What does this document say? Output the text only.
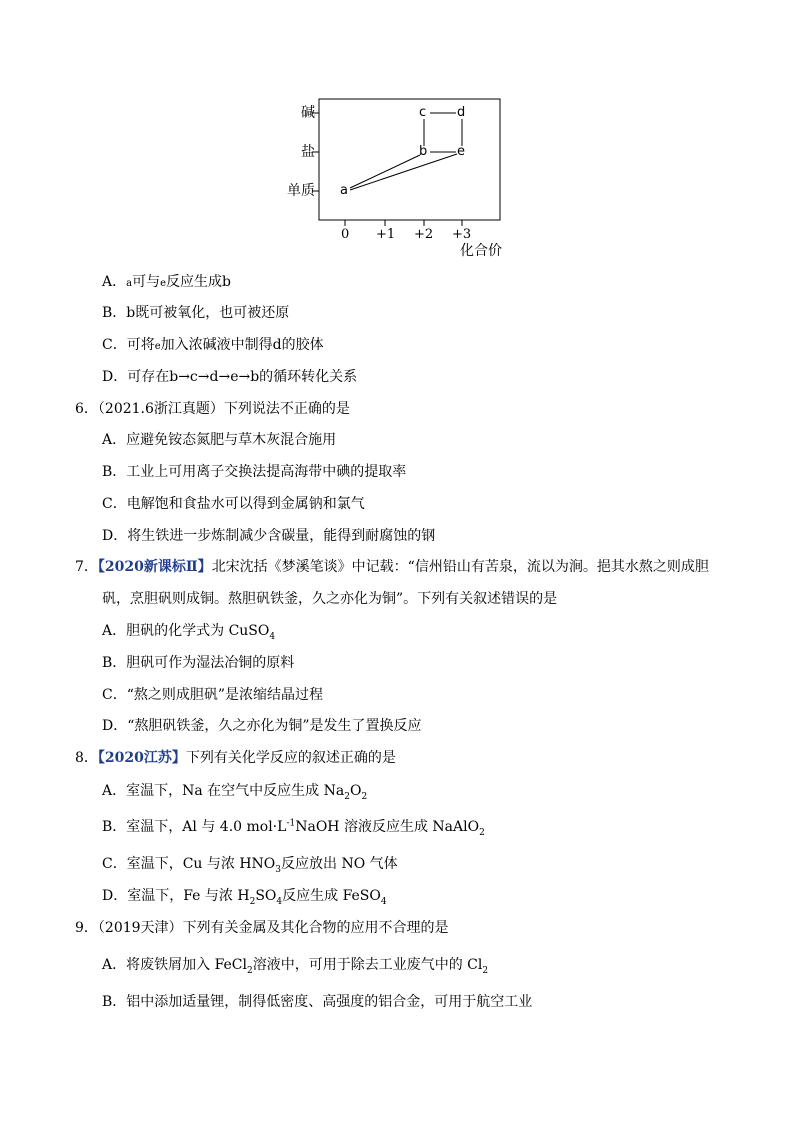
碱
盐
单质 a
b
c d
e
0 +1 +2 +3
化合价
A．a可与e反应生成b
B．b既可被氧化，也可被还原
C．可将e加入浓碱液中制得d的胶体
D．可存在b→c→d→e→b的循环转化关系
6．（2021.6浙江真题）下列说法不正确的是
A．应避免铵态氮肥与草木灰混合施用
B．工业上可用离子交换法提高海带中碘的提取率
C．电解饱和食盐水可以得到金属钠和氯气
D．将生铁进一步炼制减少含碳量，能得到耐腐蚀的钢
7．【2020新课标Ⅱ】北宋沈括《梦溪笔谈》中记载：“信州铅山有苦泉，流以为涧。挹其水熬之则成胆
矾，烹胆矾则成铜。熬胆矾铁釜，久之亦化为铜”。下列有关叙述错误的是
A．胆矾的化学式为 CuSO$_4$
B．胆矾可作为湿法冶铜的原料
C．“熬之则成胆矾”是浓缩结晶过程
D．“熬胆矾铁釜，久之亦化为铜”是发生了置换反应
8．【2020江苏】下列有关化学反应的叙述正确的是
A．室温下，Na 在空气中反应生成 $Na_2O_2$
B．室温下，Al 与 4.0 $mol\cdot L^{-1}NaOH$ 溶液反应生成 NaAlO$_2$
C．室温下，Cu 与浓 $HNO_3$反应放出 NO 气体
D．室温下，Fe 与浓 $H_2SO_4$反应生成 FeSO$_4$
9．（2019天津）下列有关金属及其化合物的应用不合理的是
A．将废铁屑加入 FeCl$_2$溶液中，可用于除去工业废气中的 $Cl_2$
B．铝中添加适量锂，制得低密度、高强度的铝合金，可用于航空工业
